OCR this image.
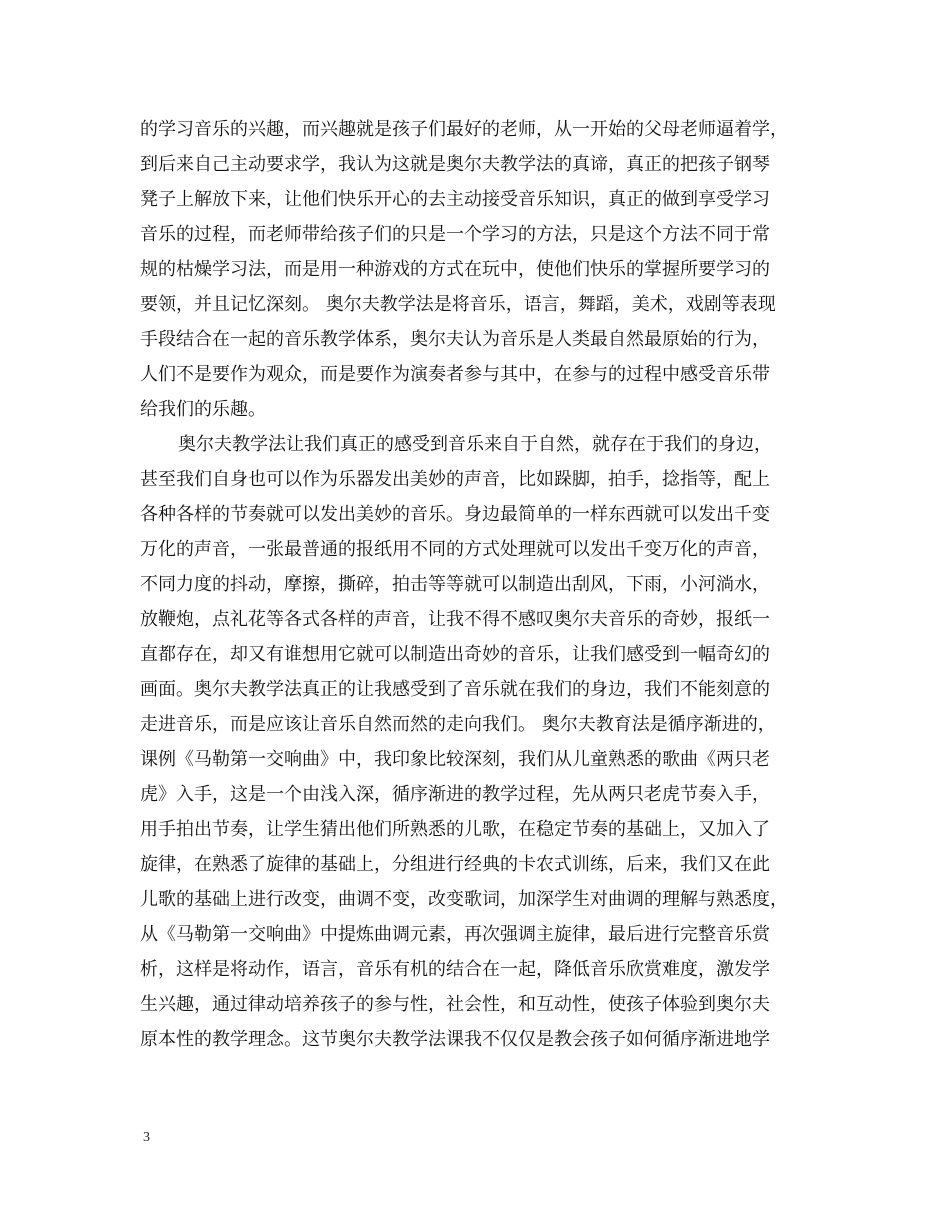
的学习音乐的兴趣，而兴趣就是孩子们最好的老师，从一开始的父母老师逼着学，
到后来自己主动要求学，我认为这就是奥尔夫教学法的真谛，真正的把孩子钢琴
凳子上解放下来，让他们快乐开心的去主动接受音乐知识，真正的做到享受学习
音乐的过程，而老师带给孩子们的只是一个学习的方法，只是这个方法不同于常
规的枯燥学习法，而是用一种游戏的方式在玩中，使他们快乐的掌握所要学习的
要领，并且记忆深刻。 奥尔夫教学法是将音乐，语言，舞蹈，美术，戏剧等表现
手段结合在一起的音乐教学体系，奥尔夫认为音乐是人类最自然最原始的行为，
人们不是要作为观众，而是要作为演奏者参与其中，在参与的过程中感受音乐带
给我们的乐趣。
奥尔夫教学法让我们真正的感受到音乐来自于自然，就存在于我们的身边，
甚至我们自身也可以作为乐器发出美妙的声音，比如跺脚，拍手，捻指等，配上
各种各样的节奏就可以发出美妙的音乐。身边最简单的一样东西就可以发出千变
万化的声音，一张最普通的报纸用不同的方式处理就可以发出千变万化的声音，
不同力度的抖动，摩擦，撕碎，拍击等等就可以制造出刮风，下雨，小河淌水，
放鞭炮，点礼花等各式各样的声音，让我不得不感叹奥尔夫音乐的奇妙，报纸一
直都存在，却又有谁想用它就可以制造出奇妙的音乐，让我们感受到一幅奇幻的
画面。奥尔夫教学法真正的让我感受到了音乐就在我们的身边，我们不能刻意的
走进音乐，而是应该让音乐自然而然的走向我们。 奥尔夫教育法是循序渐进的，
课例《马勒第一交响曲》中，我印象比较深刻，我们从儿童熟悉的歌曲《两只老
虎》入手，这是一个由浅入深，循序渐进的教学过程，先从两只老虎节奏入手，
用手拍出节奏，让学生猜出他们所熟悉的儿歌，在稳定节奏的基础上，又加入了
旋律，在熟悉了旋律的基础上，分组进行经典的卡农式训练，后来，我们又在此
儿歌的基础上进行改变，曲调不变，改变歌词，加深学生对曲调的理解与熟悉度，
从《马勒第一交响曲》中提炼曲调元素，再次强调主旋律，最后进行完整音乐赏
析，这样是将动作，语言，音乐有机的结合在一起，降低音乐欣赏难度，激发学
生兴趣，通过律动培养孩子的参与性，社会性，和互动性，使孩子体验到奥尔夫
原本性的教学理念。这节奥尔夫教学法课我不仅仅是教会孩子如何循序渐进地学
3
